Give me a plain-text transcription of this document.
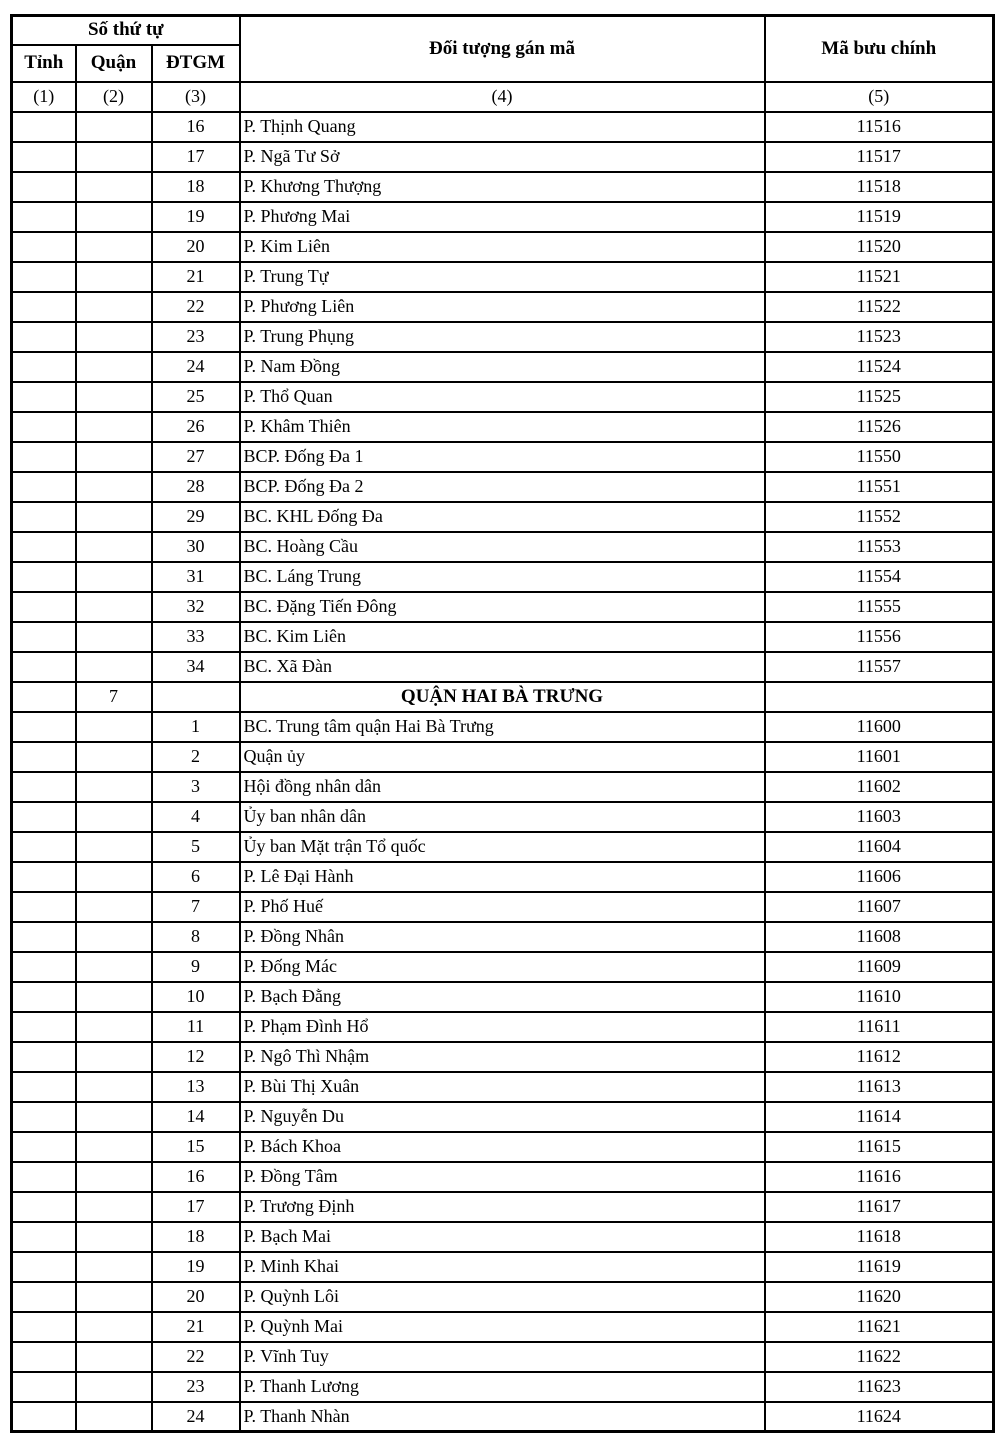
Số thứ tự			Đối tượng gán mã	Mã bưu chính
Tỉnh	Quận	ĐTGM		
(1)	(2)	(3)	(4)	(5)
		16	P. Thịnh Quang	11516
		17	P. Ngã Tư Sở	11517
		18	P. Khương Thượng	11518
		19	P. Phương Mai	11519
		20	P. Kim Liên	11520
		21	P. Trung Tự	11521
		22	P. Phương Liên	11522
		23	P. Trung Phụng	11523
		24	P. Nam Đồng	11524
		25	P. Thổ Quan	11525
		26	P. Khâm Thiên	11526
		27	BCP. Đống Đa 1	11550
		28	BCP. Đống Đa 2	11551
		29	BC. KHL Đống Đa	11552
		30	BC. Hoàng Cầu	11553
		31	BC. Láng Trung	11554
		32	BC. Đặng Tiến Đông	11555
		33	BC. Kim Liên	11556
		34	BC. Xã Đàn	11557
	7		QUẬN HAI BÀ TRƯNG	
		1	BC. Trung tâm quận Hai Bà Trưng	11600
		2	Quận ủy	11601
		3	Hội đồng nhân dân	11602
		4	Ủy ban nhân dân	11603
		5	Ủy ban Mặt trận Tổ quốc	11604
		6	P. Lê Đại Hành	11606
		7	P. Phố Huế	11607
		8	P. Đồng Nhân	11608
		9	P. Đống Mác	11609
		10	P. Bạch Đằng	11610
		11	P. Phạm Đình Hổ	11611
		12	P. Ngô Thì Nhậm	11612
		13	P. Bùi Thị Xuân	11613
		14	P. Nguyễn Du	11614
		15	P. Bách Khoa	11615
		16	P. Đồng Tâm	11616
		17	P. Trương Định	11617
		18	P. Bạch Mai	11618
		19	P. Minh Khai	11619
		20	P. Quỳnh Lôi	11620
		21	P. Quỳnh Mai	11621
		22	P. Vĩnh Tuy	11622
		23	P. Thanh Lương	11623
		24	P. Thanh Nhàn	11624
